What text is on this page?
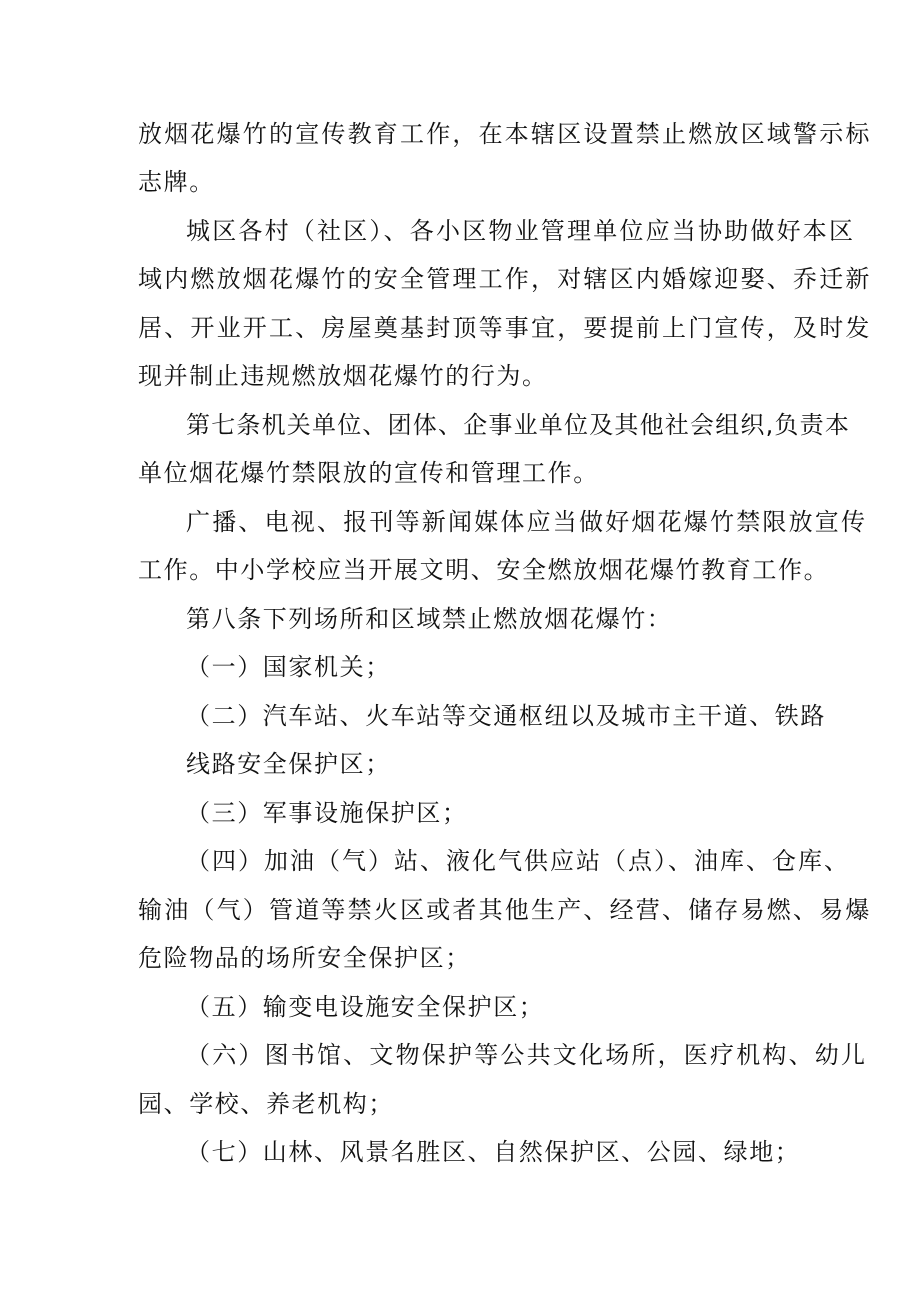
放烟花爆竹的宣传教育工作，在本辖区设置禁止燃放区域警示标
志牌。
城区各村（社区）、各小区物业管理单位应当协助做好本区
域内燃放烟花爆竹的安全管理工作，对辖区内婚嫁迎娶、乔迁新
居、开业开工、房屋奠基封顶等事宜，要提前上门宣传，及时发
现并制止违规燃放烟花爆竹的行为。
第七条机关单位、团体、企事业单位及其他社会组织,负责本
单位烟花爆竹禁限放的宣传和管理工作。
广播、电视、报刊等新闻媒体应当做好烟花爆竹禁限放宣传
工作。中小学校应当开展文明、安全燃放烟花爆竹教育工作。
第八条下列场所和区域禁止燃放烟花爆竹：
（一）国家机关；
（二）汽车站、火车站等交通枢纽以及城市主干道、铁路
线路安全保护区；
（三）军事设施保护区；
（四）加油（气）站、液化气供应站（点）、油库、仓库、
输油（气）管道等禁火区或者其他生产、经营、储存易燃、易爆
危险物品的场所安全保护区；
（五）输变电设施安全保护区；
（六）图书馆、文物保护等公共文化场所，医疗机构、幼儿
园、学校、养老机构；
（七）山林、风景名胜区、自然保护区、公园、绿地；
